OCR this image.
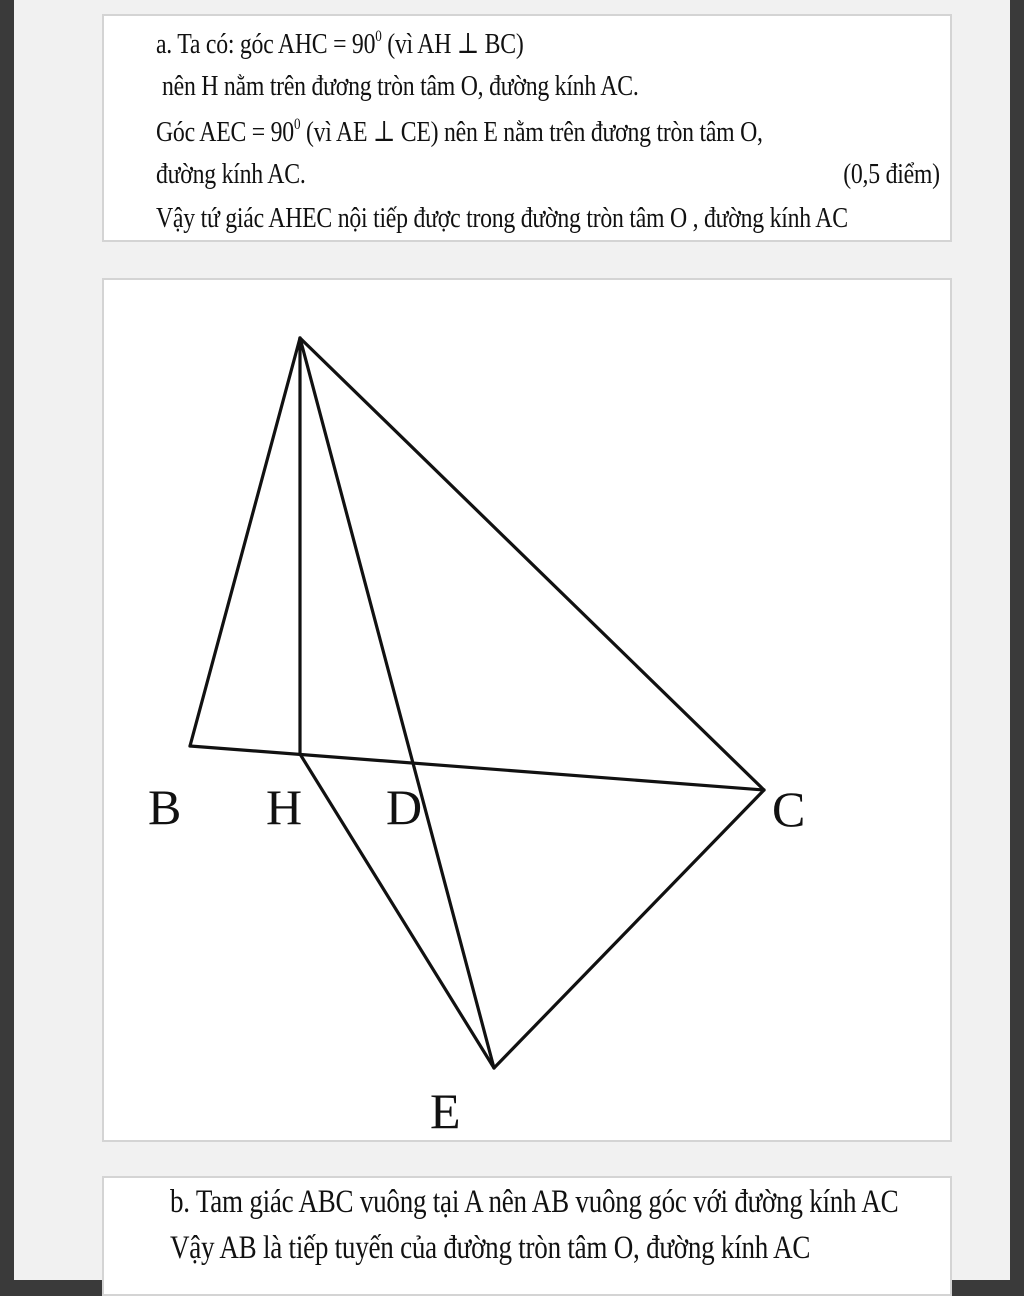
a. Ta có: góc AHC = $90^0$ (vì AH ⊥ BC)
nên H nằm trên đương tròn tâm O, đường kính AC.
Góc AEC = $90^0$ (vì AE ⊥ CE) nên E nằm trên đương tròn tâm O,
đường kính AC.	(0,5 điểm)
Vậy tứ giác AHEC nội tiếp được trong đường tròn tâm O , đường kính AC
B H D	C
E
b. Tam giác ABC vuông tại A nên AB vuông góc với đường kính AC
Vậy AB là tiếp tuyến của đường tròn tâm O, đường kính AC
